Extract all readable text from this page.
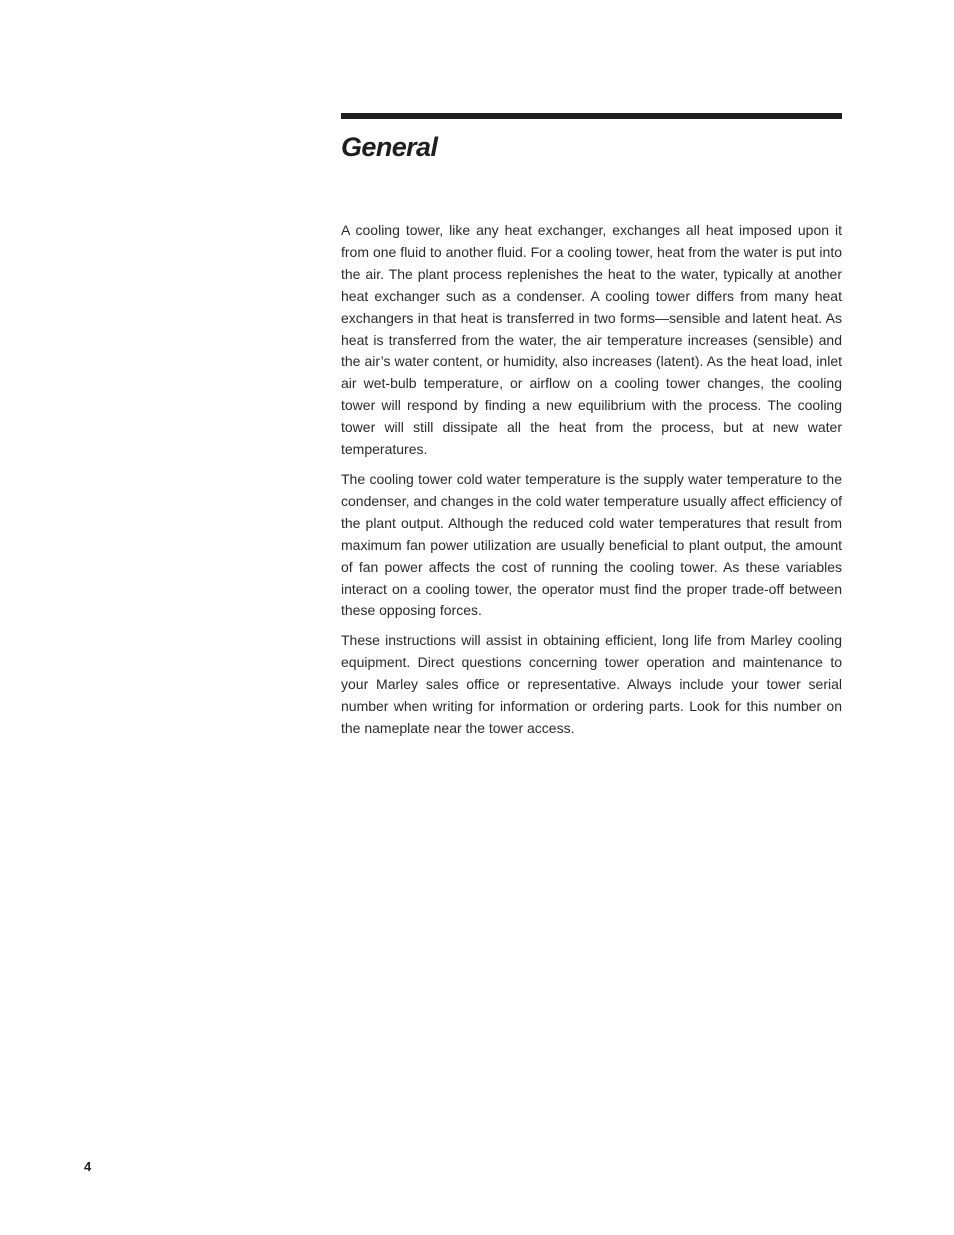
General

A cooling tower, like any heat exchanger, exchanges all heat imposed upon it from one fluid to another fluid. For a cooling tower, heat from the water is put into the air. The plant process replenishes the heat to the water, typically at another heat exchanger such as a condenser. A cooling tower differs from many heat exchangers in that heat is transferred in two forms—sensible and latent heat. As heat is transferred from the water, the air temperature increases (sensible) and the air’s water content, or humidity, also increases (latent). As the heat load, inlet air wet-bulb temperature, or airflow on a cooling tower changes, the cooling tower will respond by finding a new equilibrium with the process. The cooling tower will still dissipate all the heat from the process, but at new water temperatures.

The cooling tower cold water temperature is the supply water temperature to the condenser, and changes in the cold water temperature usually affect efficiency of the plant output. Although the reduced cold water temperatures that result from maximum fan power utilization are usually beneficial to plant output, the amount of fan power affects the cost of running the cooling tower. As these variables interact on a cooling tower, the operator must find the proper trade-off between these opposing forces.

These instructions will assist in obtaining efficient, long life from Marley cooling equipment. Direct questions concerning tower operation and maintenance to your Marley sales office or representative. Always include your tower serial number when writing for information or ordering parts. Look for this number on the nameplate near the tower access.

4
